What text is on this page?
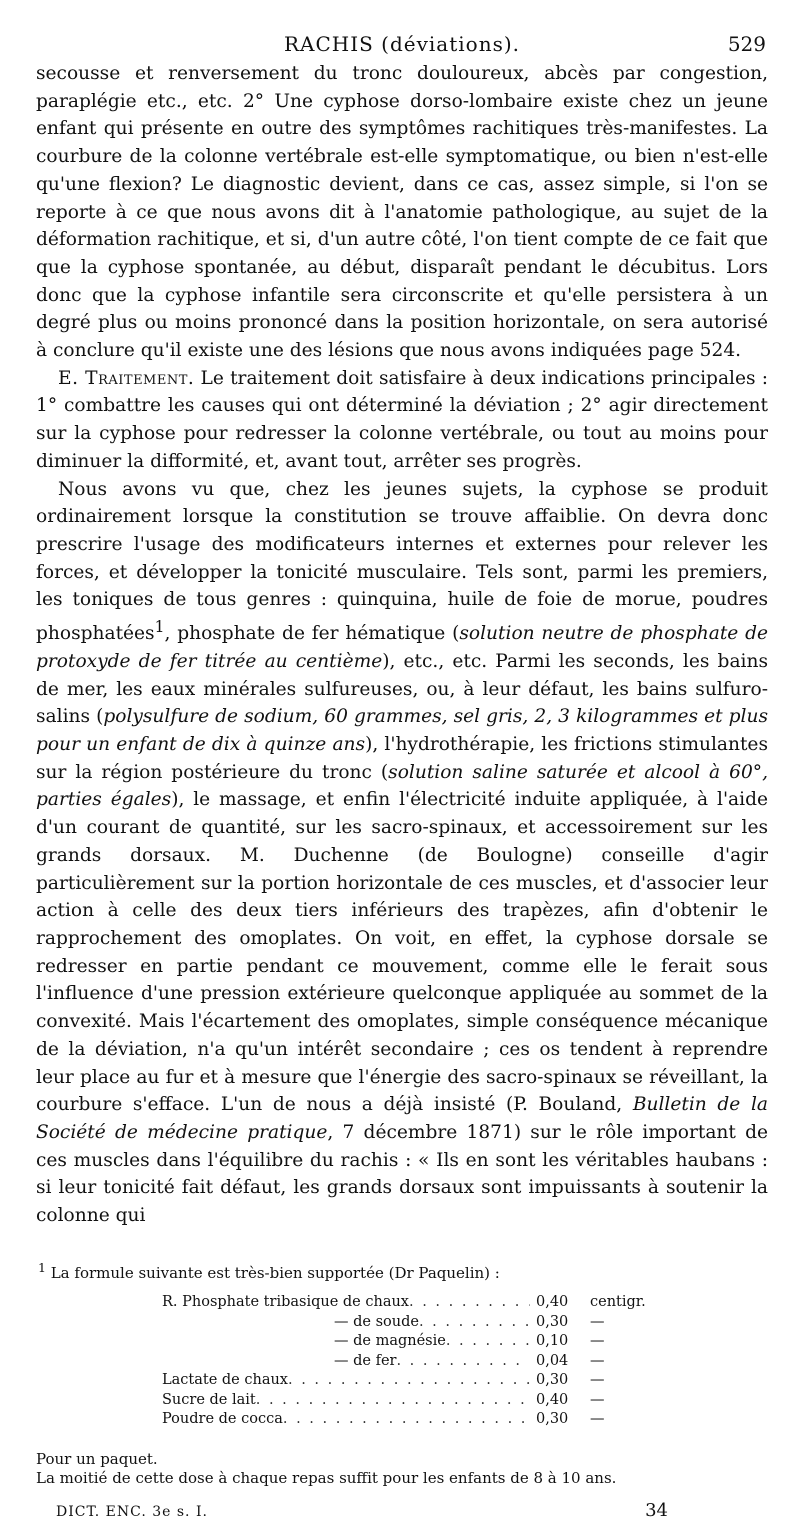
RACHIS (déviations).	529

secousse et renversement du tronc douloureux, abcès par congestion, paraplégie etc., etc. 2° Une cyphose dorso-lombaire existe chez un jeune enfant qui présente en outre des symptômes rachitiques très-manifestes. La courbure de la colonne vertébrale est-elle symptomatique, ou bien n'est-elle qu'une flexion? Le diagnostic devient, dans ce cas, assez simple, si l'on se reporte à ce que nous avons dit à l'anatomie pathologique, au sujet de la déformation rachitique, et si, d'un autre côté, l'on tient compte de ce fait que que la cyphose spontanée, au début, disparaît pendant le décubitus. Lors donc que la cyphose infantile sera circonscrite et qu'elle persistera à un degré plus ou moins prononcé dans la position horizontale, on sera autorisé à conclure qu'il existe une des lésions que nous avons indiquées page 524.

E. Traitement. Le traitement doit satisfaire à deux indications principales : 1° combattre les causes qui ont déterminé la déviation ; 2° agir directement sur la cyphose pour redresser la colonne vertébrale, ou tout au moins pour diminuer la difformité, et, avant tout, arrêter ses progrès.

Nous avons vu que, chez les jeunes sujets, la cyphose se produit ordinairement lorsque la constitution se trouve affaiblie. On devra donc prescrire l'usage des modificateurs internes et externes pour relever les forces, et développer la tonicité musculaire. Tels sont, parmi les premiers, les toniques de tous genres : quinquina, huile de foie de morue, poudres phosphatées$^1$, phosphate de fer hématique (solution neutre de phosphate de protoxyde de fer titrée au centième), etc., etc. Parmi les seconds, les bains de mer, les eaux minérales sulfureuses, ou, à leur défaut, les bains sulfuro-salins (polysulfure de sodium, 60 grammes, sel gris, 2, 3 kilogrammes et plus pour un enfant de dix à quinze ans), l'hydrothérapie, les frictions stimulantes sur la région postérieure du tronc (solution saline saturée et alcool à 60°, parties égales), le massage, et enfin l'électricité induite appliquée, à l'aide d'un courant de quantité, sur les sacro-spinaux, et accessoirement sur les grands dorsaux. M. Duchenne (de Boulogne) conseille d'agir particulièrement sur la portion horizontale de ces muscles, et d'associer leur action à celle des deux tiers inférieurs des trapèzes, afin d'obtenir le rapprochement des omoplates. On voit, en effet, la cyphose dorsale se redresser en partie pendant ce mouvement, comme elle le ferait sous l'influence d'une pression extérieure quelconque appliquée au sommet de la convexité. Mais l'écartement des omoplates, simple conséquence mécanique de la déviation, n'a qu'un intérêt secondaire ; ces os tendent à reprendre leur place au fur et à mesure que l'énergie des sacro-spinaux se réveillant, la courbure s'efface. L'un de nous a déjà insisté (P. Bouland, Bulletin de la Société de médecine pratique, 7 décembre 1871) sur le rôle important de ces muscles dans l'équilibre du rachis : « Ils en sont les véritables haubans : si leur tonicité fait défaut, les grands dorsaux sont impuissants à soutenir la colonne qui

$^1$ La formule suivante est très-bien supportée (Dr Paquelin) :

R. Phosphate tribasique de chaux . . .	0,40	centigr.
— de soude . . .	0,30	—
— de magnésie . . .	0,10	—
— de fer . . .	0,04	—
Lactate de chaux . . .	0,30	—
Sucre de lait . . .	0,40	—
Poudre de cocca . . .	0,30	—

Pour un paquet.

La moitié de cette dose à chaque repas suffit pour les enfants de 8 à 10 ans.

DICT. ENC. 3e s. I.	34
